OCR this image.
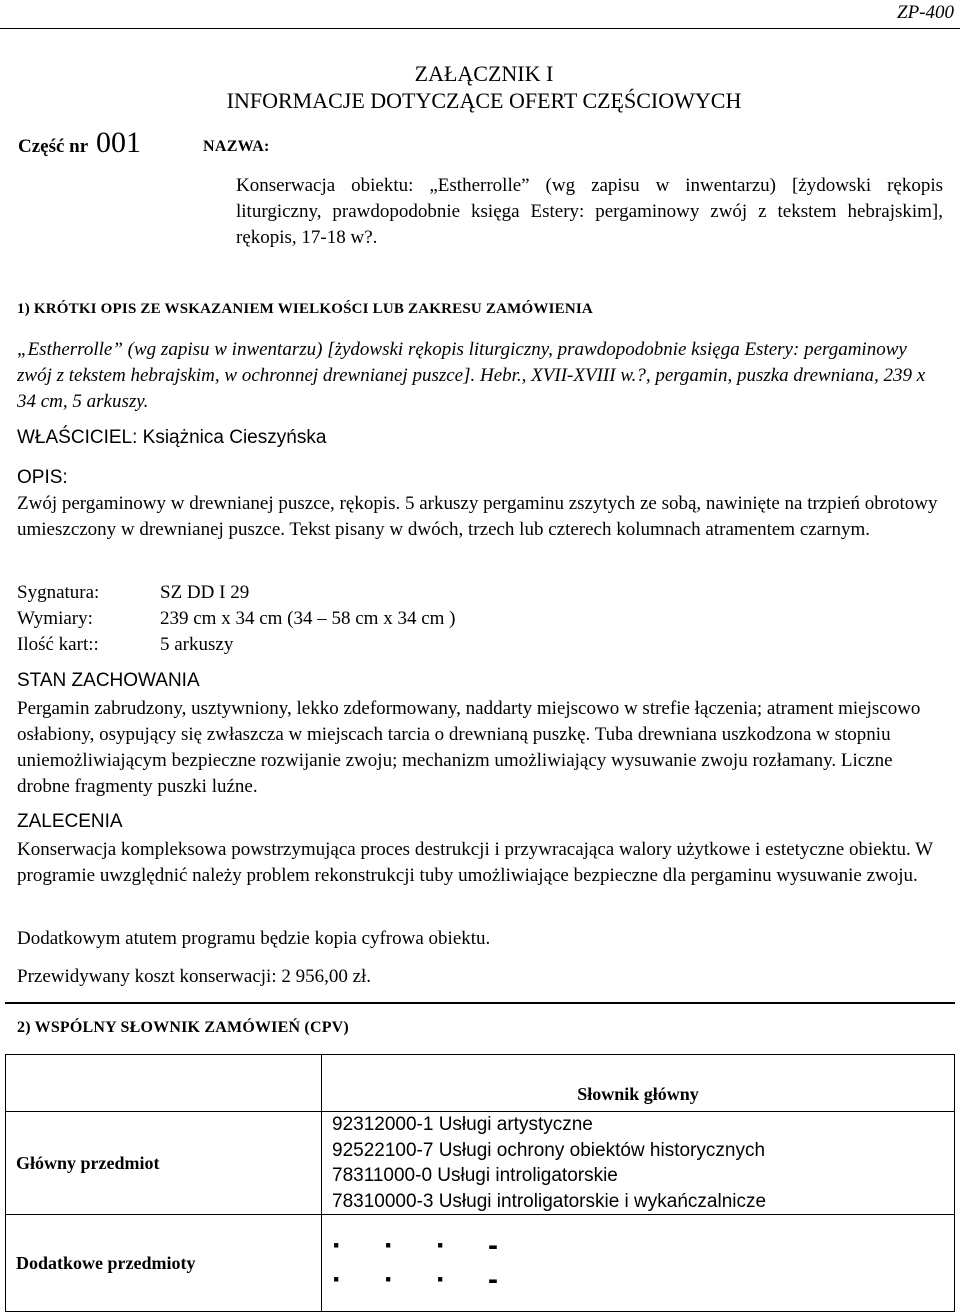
ZP-400
ZAŁĄCZNIK I
INFORMACJE DOTYCZĄCE OFERT CZĘŚCIOWYCH
Część nr 001	NAZWA:
Konserwacja obiektu: „Estherrolle” (wg zapisu w inwentarzu) [żydowski rękopis liturgiczny, prawdopodobnie księga Estery: pergaminowy zwój z tekstem hebrajskim], rękopis, 17-18 w?.
1) KRÓTKI OPIS ZE WSKAZANIEM WIELKOŚCI LUB ZAKRESU ZAMÓWIENIA
„Estherrolle” (wg zapisu w inwentarzu) [żydowski rękopis liturgiczny, prawdopodobnie księga Estery: pergaminowy zwój z tekstem hebrajskim, w ochronnej drewnianej puszce]. Hebr., XVII-XVIII w.?, pergamin, puszka drewniana, 239 x 34 cm, 5 arkuszy.
WŁAŚCICIEL: Książnica Cieszyńska
OPIS:
Zwój pergaminowy w drewnianej puszce, rękopis. 5 arkuszy pergaminu zszytych ze sobą, nawinięte na trzpień obrotowy umieszczony w drewnianej puszce. Tekst pisany w dwóch, trzech lub czterech kolumnach atramentem czarnym.
Sygnatura:	SZ DD I 29
Wymiary:	239 cm x 34 cm (34 – 58 cm x 34 cm )
Ilość kart::	5 arkuszy
STAN ZACHOWANIA
Pergamin zabrudzony, usztywniony, lekko zdeformowany, naddarty miejscowo w strefie łączenia; atrament miejscowo osłabiony, osypujący się zwłaszcza w miejscach tarcia o drewnianą puszkę. Tuba drewniana uszkodzona w stopniu uniemożliwiającym bezpieczne rozwijanie zwoju; mechanizm umożliwiający wysuwanie zwoju rozłamany. Liczne drobne fragmenty puszki luźne.
ZALECENIA
Konserwacja kompleksowa powstrzymująca proces destrukcji i przywracająca walory użytkowe i estetyczne obiektu. W programie uwzględnić należy problem rekonstrukcji tuby umożliwiające bezpieczne dla pergaminu wysuwanie zwoju.
Dodatkowym atutem programu będzie kopia cyfrowa obiektu.
Przewidywany koszt konserwacji: 2 956,00 zł.
2) WSPÓLNY SŁOWNIK ZAMÓWIEŃ (CPV)
	Słownik główny
Główny przedmiot	92312000-1 Usługi artystyczne
92522100-7 Usługi ochrony obiektów historycznych
78311000-0 Usługi introligatorskie
78310000-3 Usługi introligatorskie i wykańczalnicze

Dodatkowe przedmioty	· · · -
· · · -
